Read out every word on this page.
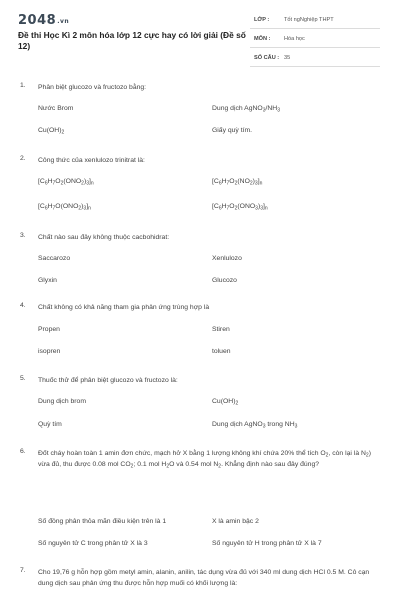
2048.vn
Đề thi Học Kì 2 môn hóa lớp 12 cực hay có lời giải (Đề số 12)
LỚP :	Tốt ngNghiệp THPT
MÔN : Hóa học
SỐ CÂU : 35
1. Phân biệt glucozo và fructozo bằng:
Nước Brom	Dung dịch $AgNO_3/NH_3$
$Cu(OH)_2$	Giấy quỳ tím.
2. Công thức của xenlulozo trinitrat là:
$[C_6H_7O_2(ONO_2)_3]_n$	$[C_6H_7O_2(NO_2)_3]_n$
$[C_6H_7O(ONO_2)_3]_n$	$[C_6H_7O_2(ONO_3)_3]_n$
3. Chất nào sau đây không thuộc cacbohidrat:
Saccarozo	Xenlulozo
Glyxin	Glucozo
4. Chất không có khả năng tham gia phản ứng trùng hợp là
Propen	Stiren
isopren	toluen
5. Thuốc thử để phân biệt glucozo và fructozo là:
Dung dịch brom	$Cu(OH)_2$
Quỳ tím	Dung dịch AgNO$_3$ trong $NH_3$
6. Đốt cháy hoàn toàn 1 amin đơn chức, mạch hở X bằng 1 lượng không khí chứa 20% thể tích $O_2$, còn lại là $N_2$) vừa đủ, thu được 0.08 mol $CO_2$; 0.1 mol $H_2O$ và 0.54 mol $N_2$. Khẳng định nào sau đây đúng?
Số đồng phân thỏa mãn điều kiện trên là 1	X là amin bậc 2
Số nguyên tử C trong phân tử X là 3	Số nguyên tử H trong phân tử X là 7
7. Cho 19,76 g hỗn hợp gồm metyl amin, alanin, anilin, tác dụng vừa đủ với 340 ml dung dịch HCl 0.5 M. Cô cạn dung dịch sau phản ứng thu được hỗn hợp muối có khối lượng là:
